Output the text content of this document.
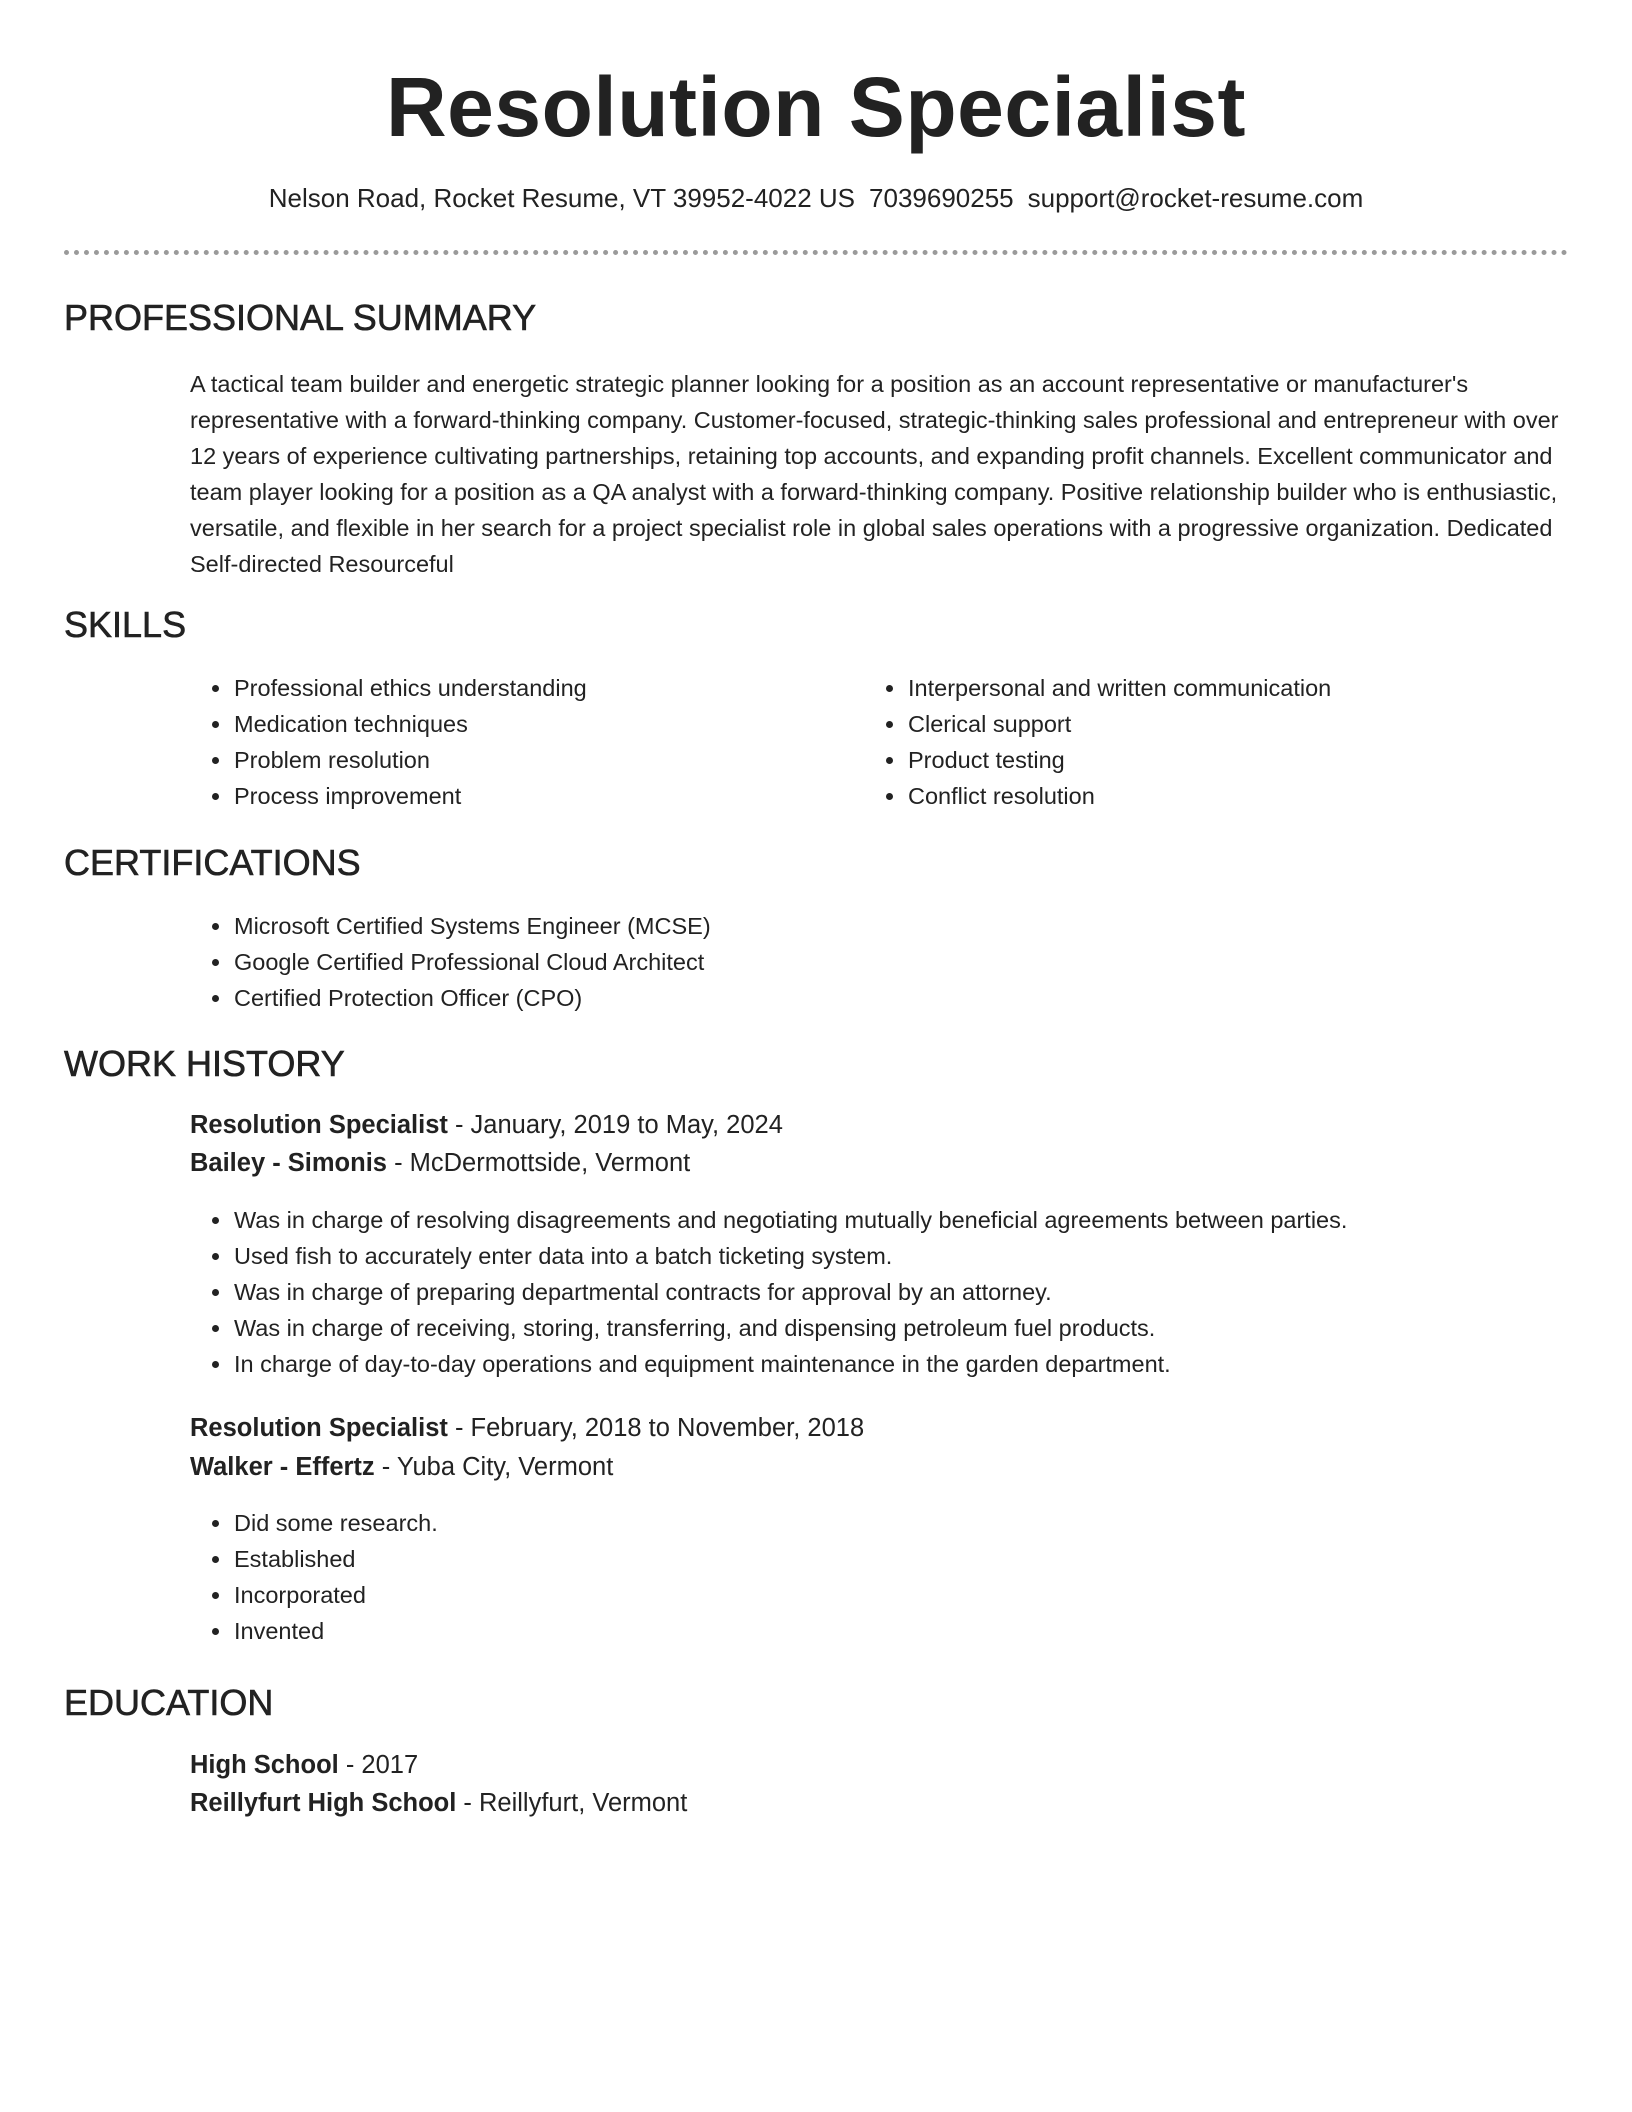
Resolution Specialist
Nelson Road, Rocket Resume, VT 39952-4022 US 7039690255 support@rocket-resume.com
PROFESSIONAL SUMMARY

A tactical team builder and energetic strategic planner looking for a position as an account representative or manufacturer's representative with a forward-thinking company. Customer-focused, strategic-thinking sales professional and entrepreneur with over 12 years of experience cultivating partnerships, retaining top accounts, and expanding profit channels. Excellent communicator and team player looking for a position as a QA analyst with a forward-thinking company. Positive relationship builder who is enthusiastic, versatile, and flexible in her search for a project specialist role in global sales operations with a progressive organization. Dedicated Self-directed Resourceful

SKILLS
• Professional ethics understanding
• Medication techniques
• Problem resolution
• Process improvement
• Interpersonal and written communication
• Clerical support
• Product testing
• Conflict resolution
CERTIFICATIONS
• Microsoft Certified Systems Engineer (MCSE)
• Google Certified Professional Cloud Architect
• Certified Protection Officer (CPO)
WORK HISTORY
Resolution Specialist - January, 2019 to May, 2024
Bailey - Simonis - McDermottside, Vermont
• Was in charge of resolving disagreements and negotiating mutually beneficial agreements between parties.
• Used fish to accurately enter data into a batch ticketing system.
• Was in charge of preparing departmental contracts for approval by an attorney.
• Was in charge of receiving, storing, transferring, and dispensing petroleum fuel products.
• In charge of day-to-day operations and equipment maintenance in the garden department.
Resolution Specialist - February, 2018 to November, 2018
Walker - Effertz - Yuba City, Vermont
• Did some research.
• Established
• Incorporated
• Invented
EDUCATION
High School - 2017
Reillyfurt High School - Reillyfurt, Vermont
